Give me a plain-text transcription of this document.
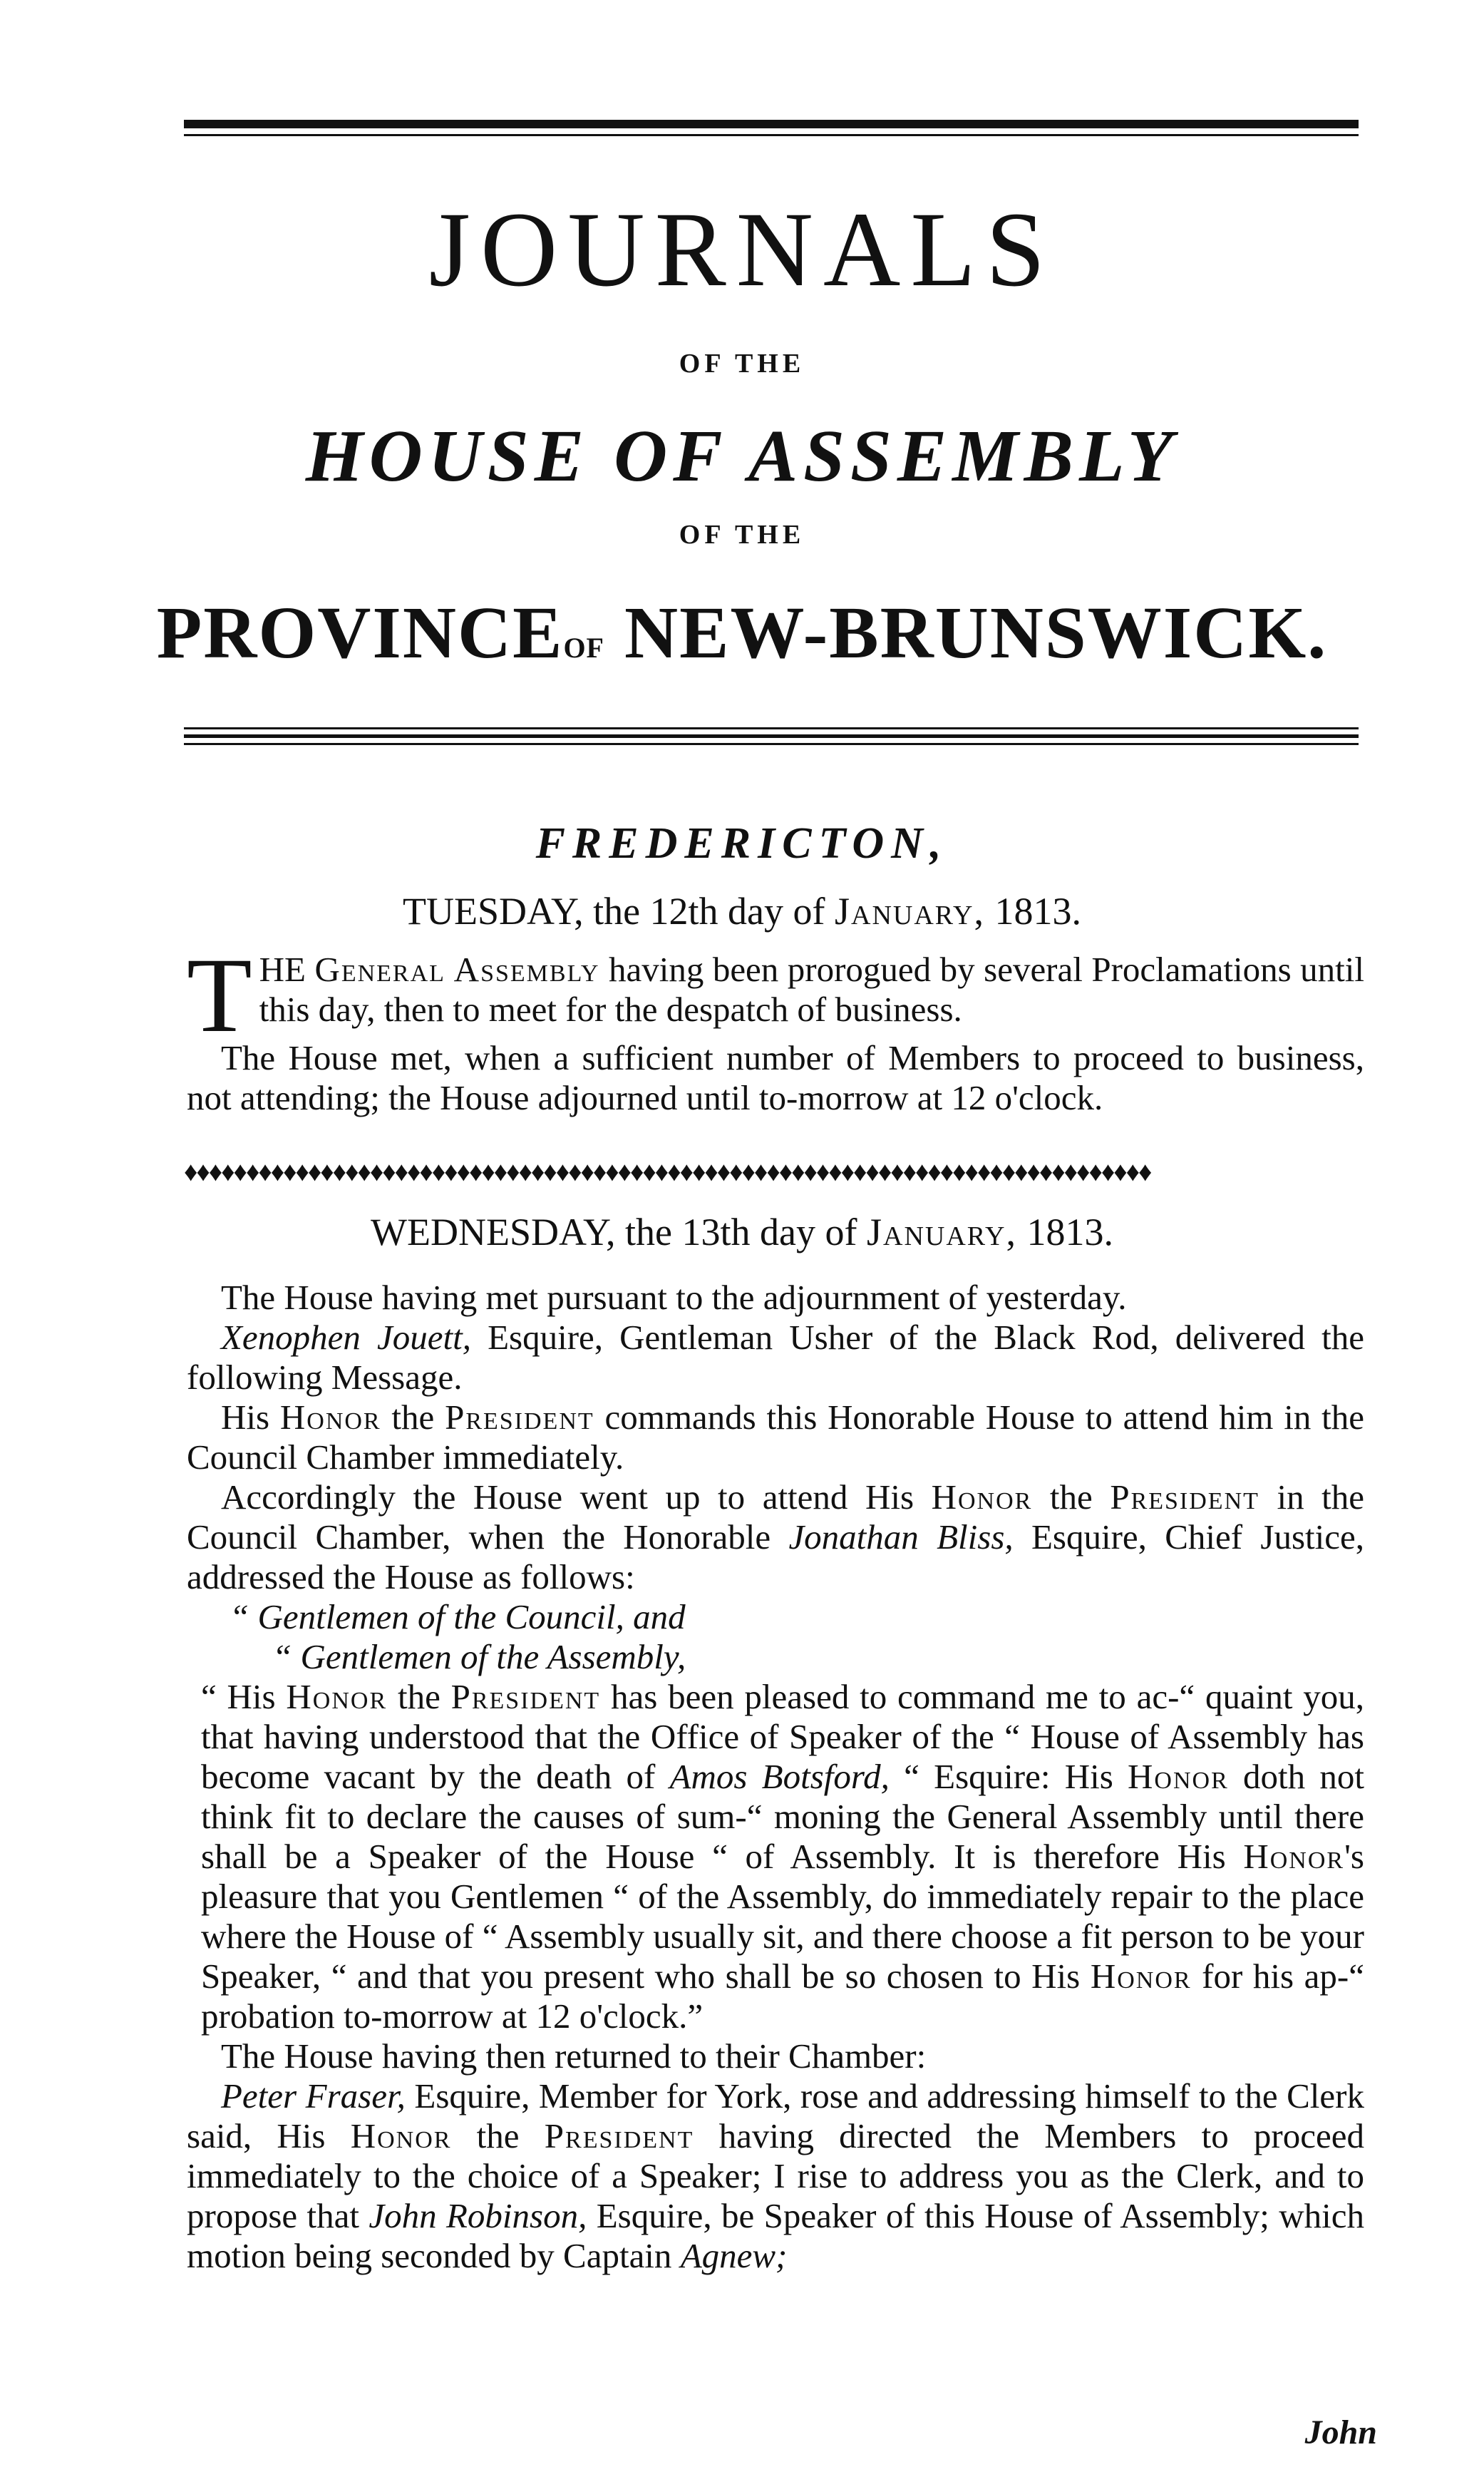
JOURNALS
OF THE
HOUSE OF ASSEMBLY
OF THE
PROVINCEOF NEW-BRUNSWICK.
FREDERICTON,
TUESDAY, the 12th day of January, 1813.

THE General Assembly having been prorogued by several Proclamations until this day, then to meet for the despatch of business.

The House met, when a sufficient number of Members to proceed to business, not attending; the House adjourned until to-morrow at 12 o'clock.

♦♦♦♦♦♦♦♦♦♦♦♦♦♦♦♦♦♦♦♦♦♦♦♦♦♦♦♦♦♦♦♦♦♦♦♦♦♦♦♦♦♦♦♦♦♦♦♦♦♦♦♦♦♦♦♦♦♦♦♦♦♦♦♦♦♦♦♦♦♦♦♦♦♦♦♦♦♦
WEDNESDAY, the 13th day of January, 1813.

The House having met pursuant to the adjournment of yesterday.

Xenophen Jouett, Esquire, Gentleman Usher of the Black Rod, delivered the following Message.

His Honor the President commands this Honorable House to attend him in the Council Chamber immediately.

Accordingly the House went up to attend His Honor the President in the Council Chamber, when the Honorable Jonathan Bliss, Esquire, Chief Justice, addressed the House as follows:

“ Gentlemen of the Council, and

“ Gentlemen of the Assembly,

“ His Honor the President has been pleased to command me to ac-“ quaint you, that having understood that the Office of Speaker of the “ House of Assembly has become vacant by the death of Amos Botsford, “ Esquire: His Honor doth not think fit to declare the causes of sum-“ moning the General Assembly until there shall be a Speaker of the House “ of Assembly. It is therefore His Honor's pleasure that you Gentlemen “ of the Assembly, do immediately repair to the place where the House of “ Assembly usually sit, and there choose a fit person to be your Speaker, “ and that you present who shall be so chosen to His Honor for his ap-“ probation to-morrow at 12 o'clock.”

The House having then returned to their Chamber:

Peter Fraser, Esquire, Member for York, rose and addressing himself to the Clerk said, His Honor the President having directed the Members to proceed immediately to the choice of a Speaker; I rise to address you as the Clerk, and to propose that John Robinson, Esquire, be Speaker of this House of Assembly; which motion being seconded by Captain Agnew;

John
